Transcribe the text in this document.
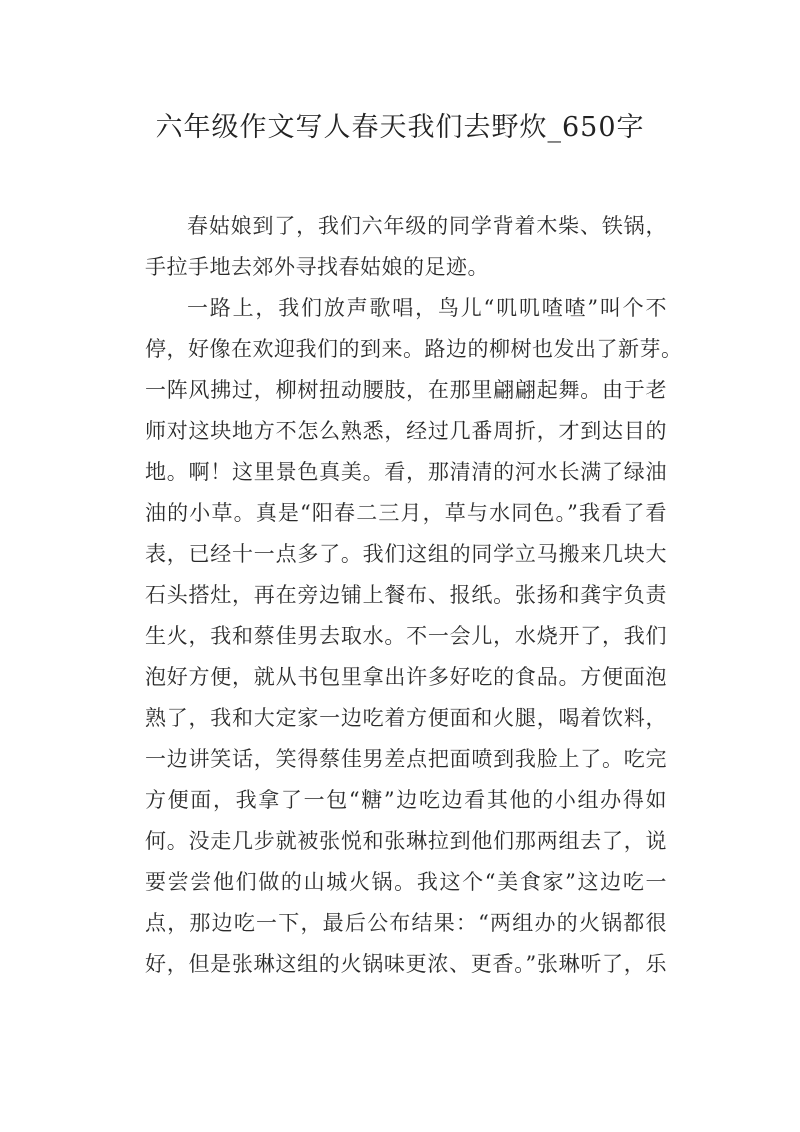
六年级作文写人春天我们去野炊_650字
春姑娘到了，我们六年级的同学背着木柴、铁锅，
手拉手地去郊外寻找春姑娘的足迹。
一路上，我们放声歌唱，鸟儿“叽叽喳喳”叫个不
停，好像在欢迎我们的到来。路边的柳树也发出了新芽。
一阵风拂过，柳树扭动腰肢，在那里翩翩起舞。由于老
师对这块地方不怎么熟悉，经过几番周折，才到达目的
地。啊！这里景色真美。看，那清清的河水长满了绿油
油的小草。真是“阳春二三月，草与水同色。”我看了看
表，已经十一点多了。我们这组的同学立马搬来几块大
石头搭灶，再在旁边铺上餐布、报纸。张扬和龚宇负责
生火，我和蔡佳男去取水。不一会儿，水烧开了，我们
泡好方便，就从书包里拿出许多好吃的食品。方便面泡
熟了，我和大定家一边吃着方便面和火腿，喝着饮料，
一边讲笑话，笑得蔡佳男差点把面喷到我脸上了。吃完
方便面，我拿了一包“糖”边吃边看其他的小组办得如
何。没走几步就被张悦和张琳拉到他们那两组去了，说
要尝尝他们做的山城火锅。我这个“美食家”这边吃一
点，那边吃一下，最后公布结果：“两组办的火锅都很
好，但是张琳这组的火锅味更浓、更香。”张琳听了，乐
